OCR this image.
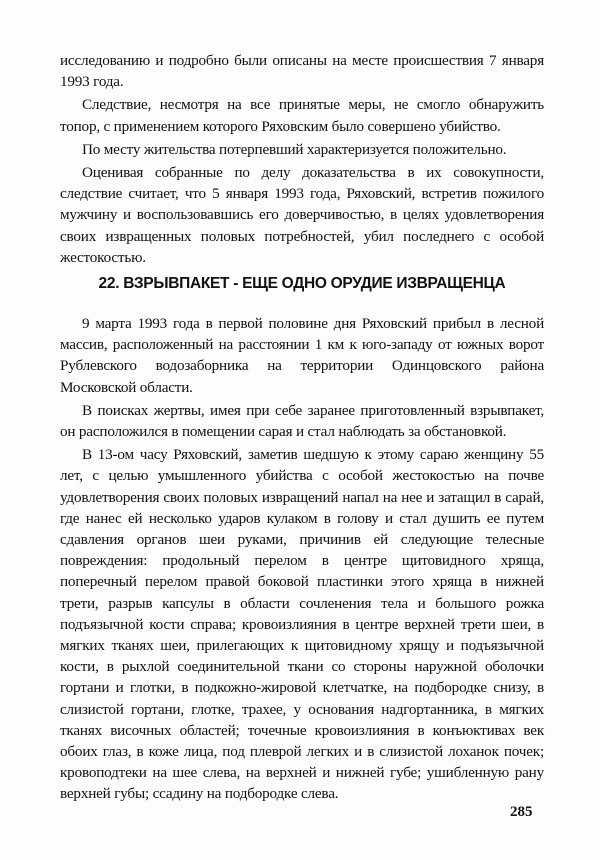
исследованию и подробно были описаны на месте происшествия 7 января 1993 года.

Следствие, несмотря на все принятые меры, не смогло обнаружить топор, с применением которого Ряховским было совершено убийство.

По месту жительства потерпевший характеризуется положительно.

Оценивая собранные по делу доказательства в их совокупности, следствие считает, что 5 января 1993 года, Ряховский, встретив пожилого мужчину и воспользовавшись его доверчивостью, в целях удовлетворения своих извращенных половых потребностей, убил последнего с особой жестокостью.

22. ВЗРЫВПАКЕТ - ЕЩЕ ОДНО ОРУДИЕ ИЗВРАЩЕНЦА

9 марта 1993 года в первой половине дня Ряховский прибыл в лесной массив, расположенный на расстоянии 1 км к юго-западу от южных ворот Рублевского водозаборника на территории Одинцовского района Московской области.

В поисках жертвы, имея при себе заранее приготовленный взрывпакет, он расположился в помещении сарая и стал наблюдать за обстановкой.

В 13-ом часу Ряховский, заметив шедшую к этому сараю женщину 55 лет, с целью умышленного убийства с особой жестокостью на почве удовлетворения своих половых извращений напал на нее и затащил в сарай, где нанес ей несколько ударов кулаком в голову и стал душить ее путем сдавления органов шеи руками, причинив ей следующие телесные повреждения: продольный перелом в центре щитовидного хряща, поперечный перелом правой боковой пластинки этого хряща в нижней трети, разрыв капсулы в области сочленения тела и большого рожка подъязычной кости справа; кровоизлияния в центре верхней трети шеи, в мягких тканях шеи, прилегающих к щитовидному хрящу и подъязычной кости, в рыхлой соединительной ткани со стороны наружной оболочки гортани и глотки, в подкожно-жировой клетчатке, на подбородке снизу, в слизистой гортани, глотке, трахее, у основания надгортанника, в мягких тканях височных областей; точечные кровоизлияния в конъюктивах век обоих глаз, в коже лица, под плеврой легких и в слизистой лоханок почек; кровоподтеки на шее слева, на верхней и нижней губе; ушибленную рану верхней губы; ссадину на подбородке слева.

285
